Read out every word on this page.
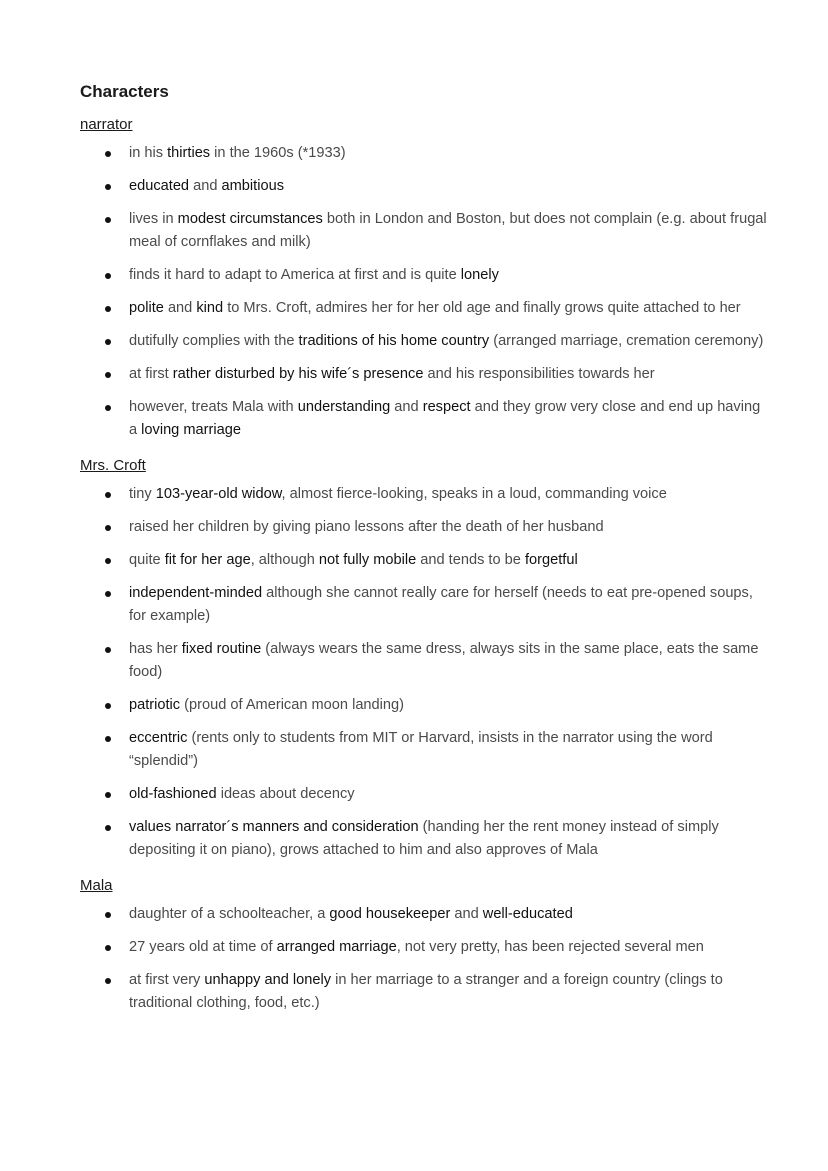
Characters
narrator
in his thirties in the 1960s (*1933)
educated and ambitious
lives in modest circumstances both in London and Boston, but does not complain (e.g. about frugal meal of cornflakes and milk)
finds it hard to adapt to America at first and is quite lonely
polite and kind to Mrs. Croft, admires her for her old age and finally grows quite attached to her
dutifully complies with the traditions of his home country (arranged marriage, cremation ceremony)
at first rather disturbed by his wife´s presence and his responsibilities towards her
however, treats Mala with understanding and respect and they grow very close and end up having a loving marriage
Mrs. Croft
tiny 103-year-old widow, almost fierce-looking, speaks in a loud, commanding voice
raised her children by giving piano lessons after the death of her husband
quite fit for her age, although not fully mobile and tends to be forgetful
independent-minded although she cannot really care for herself (needs to eat pre-opened soups, for example)
has her fixed routine (always wears the same dress, always sits in the same place, eats the same food)
patriotic (proud of American moon landing)
eccentric (rents only to students from MIT or Harvard, insists in the narrator using the word “splendid”)
old-fashioned ideas about decency
values narrator´s manners and consideration (handing her the rent money instead of simply depositing it on piano), grows attached to him and also approves of Mala
Mala
daughter of a schoolteacher, a good housekeeper and well-educated
27 years old at time of arranged marriage, not very pretty, has been rejected several men
at first very unhappy and lonely in her marriage to a stranger and a foreign country (clings to traditional clothing, food, etc.)
